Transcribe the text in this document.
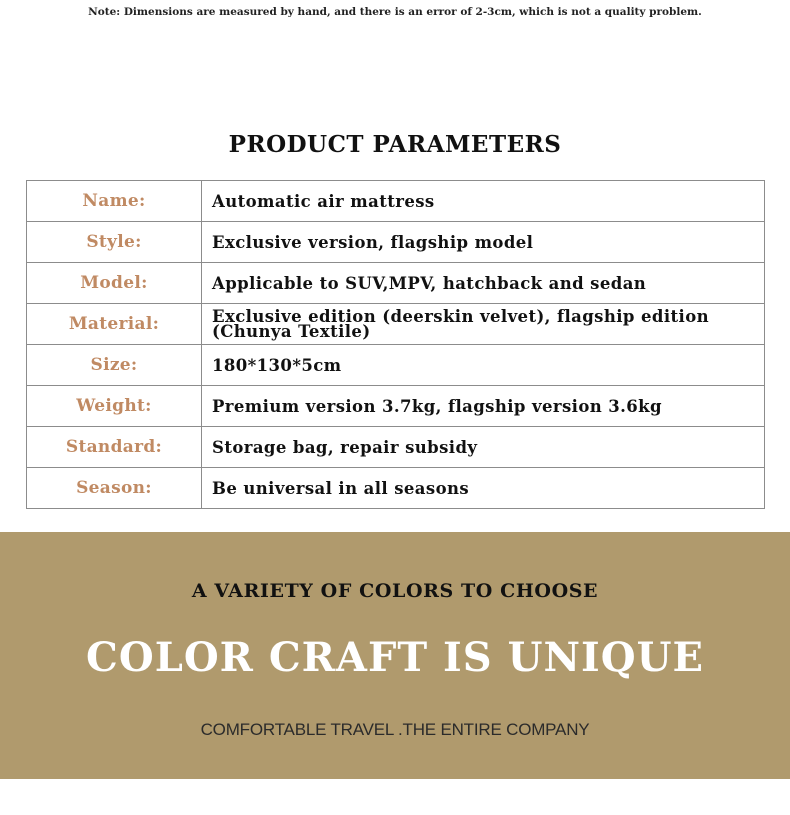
Note: Dimensions are measured by hand, and there is an error of 2-3cm, which is not a quality problem.
PRODUCT PARAMETERS
Name:	Automatic air mattress
Style:	Exclusive version, flagship model
Model:	Applicable to SUV,MPV, hatchback and sedan
Material:	Exclusive edition (deerskin velvet), flagship edition (Chunya Textile)
Size:	180*130*5cm
Weight:	Premium version 3.7kg, flagship version 3.6kg
Standard:	Storage bag, repair subsidy
Season:	Be universal in all seasons
A VARIETY OF COLORS TO CHOOSE
COLOR CRAFT IS UNIQUE
COMFORTABLE TRAVEL .THE ENTIRE COMPANY
